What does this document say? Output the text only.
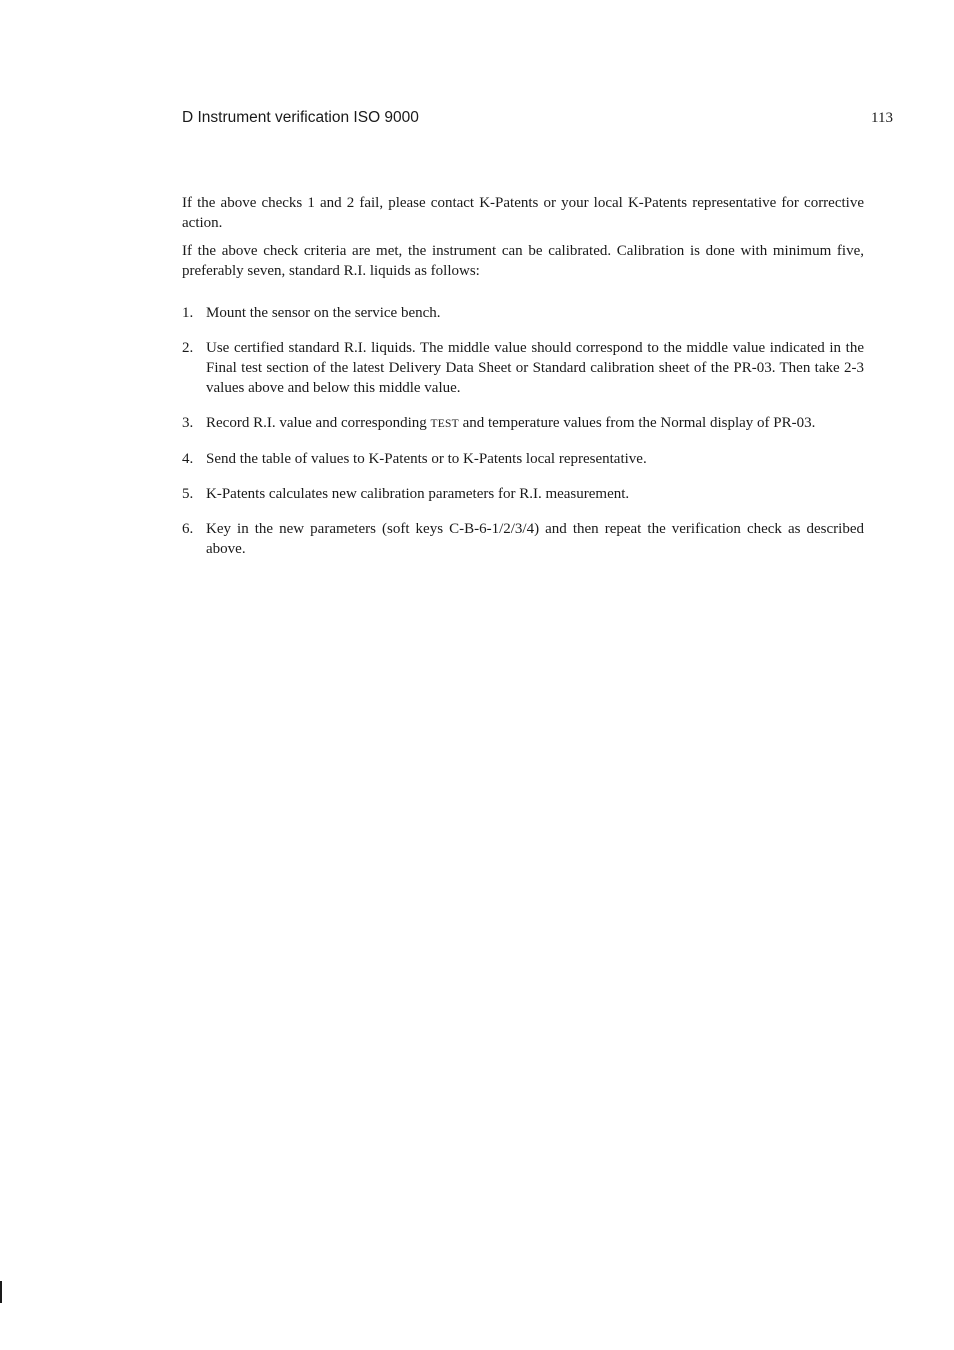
D Instrument verification ISO 9000	113

If the above checks 1 and 2 fail, please contact K-Patents or your local K-Patents representative for corrective action.

If the above check criteria are met, the instrument can be calibrated. Calibration is done with minimum five, preferably seven, standard R.I. liquids as follows:

1. Mount the sensor on the service bench.
2. Use certified standard R.I. liquids. The middle value should correspond to the middle value indicated in the Final test section of the latest Delivery Data Sheet or Standard calibration sheet of the PR-03. Then take 2-3 values above and below this middle value.
3. Record R.I. value and corresponding TEST and temperature values from the Normal display of PR-03.
4. Send the table of values to K-Patents or to K-Patents local representative.
5. K-Patents calculates new calibration parameters for R.I. measurement.
6. Key in the new parameters (soft keys C-B-6-1/2/3/4) and then repeat the verification check as described above.
